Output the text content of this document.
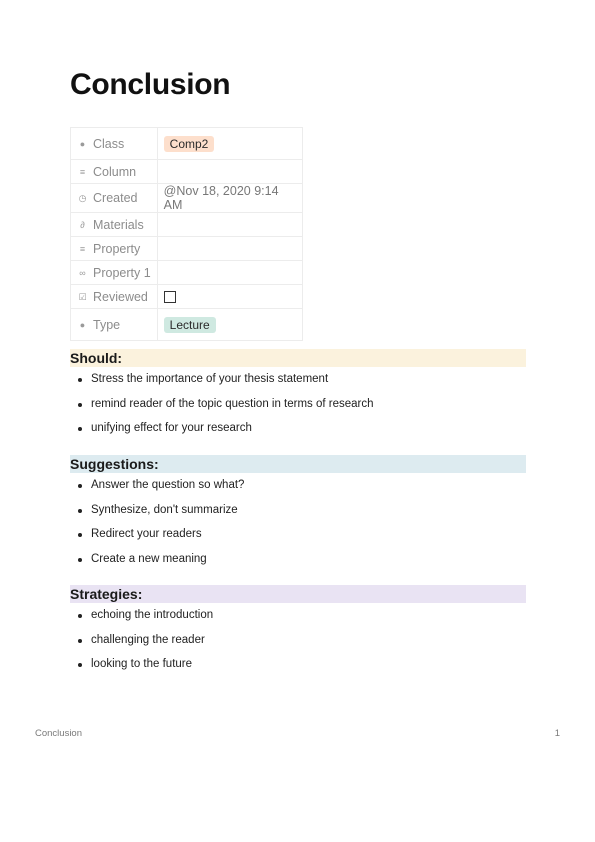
Conclusion
● Class	Comp2
≡ Column	
◷ Created	@Nov 18, 2020 9:14 AM
∂ Materials	
≡ Property	
∞ Property 1	
☑ Reviewed	
● Type	Lecture
Should:
Stress the importance of your thesis statement
remind reader of the topic question in terms of research
unifying effect for your research
Suggestions:
Answer the question so what?
Synthesize, don't summarize
Redirect your readers
Create a new meaning
Strategies:
echoing the introduction
challenging the reader
looking to the future
Conclusion	1
